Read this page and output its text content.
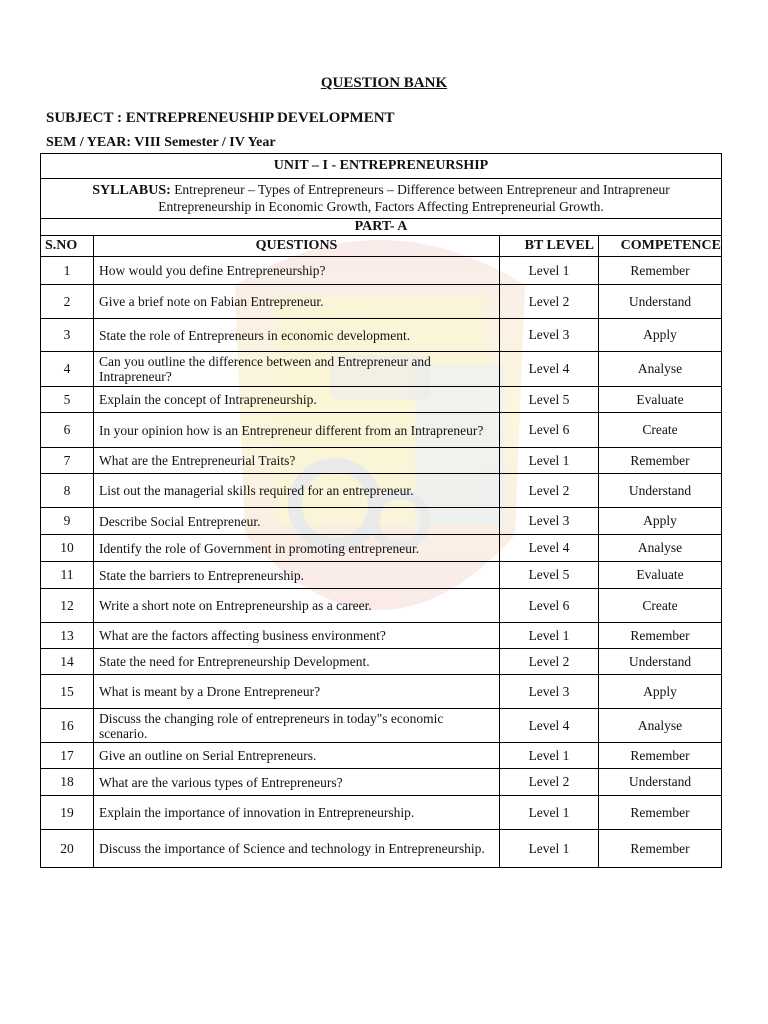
QUESTION BANK
SUBJECT : ENTREPRENEUSHIP DEVELOPMENT
SEM / YEAR: VIII Semester / IV Year
UNIT – I - ENTREPRENEURSHIP			
SYLLABUS: Entrepreneur – Types of Entrepreneurs – Difference between Entrepreneur and Intrapreneur
Entrepreneurship in Economic Growth, Factors Affecting Entrepreneurial Growth.			
PART- A			
S.NO	QUESTIONS	BT LEVEL	COMPETENCE
1	How would you define Entrepreneurship?	Level 1	Remember
2	Give a brief note on Fabian Entrepreneur.	Level 2	Understand
3	State the role of Entrepreneurs in economic development.	Level 3	Apply
4	Can you outline the difference between and Entrepreneur and Intrapreneur?	Level 4	Analyse
5	Explain the concept of Intrapreneurship.	Level 5	Evaluate
6	In your opinion how is an Entrepreneur different from an Intrapreneur?	Level 6	Create
7	What are the Entrepreneurial Traits?	Level 1	Remember
8	List out the managerial skills required for an entrepreneur.	Level 2	Understand
9	Describe Social Entrepreneur.	Level 3	Apply
10	Identify the role of Government in promoting entrepreneur.	Level 4	Analyse
11	State the barriers to Entrepreneurship.	Level 5	Evaluate
12	Write a short note on Entrepreneurship as a career.	Level 6	Create
13	What are the factors affecting business environment?	Level 1	Remember
14	State the need for Entrepreneurship Development.	Level 2	Understand
15	What is meant by a Drone Entrepreneur?	Level 3	Apply
16	Discuss the changing role of entrepreneurs in today"s economic scenario.	Level 4	Analyse
17	Give an outline on Serial Entrepreneurs.	Level 1	Remember
18	What are the various types of Entrepreneurs?	Level 2	Understand
19	Explain the importance of innovation in Entrepreneurship.	Level 1	Remember
20	Discuss the importance of Science and technology in Entrepreneurship.	Level 1	Remember
